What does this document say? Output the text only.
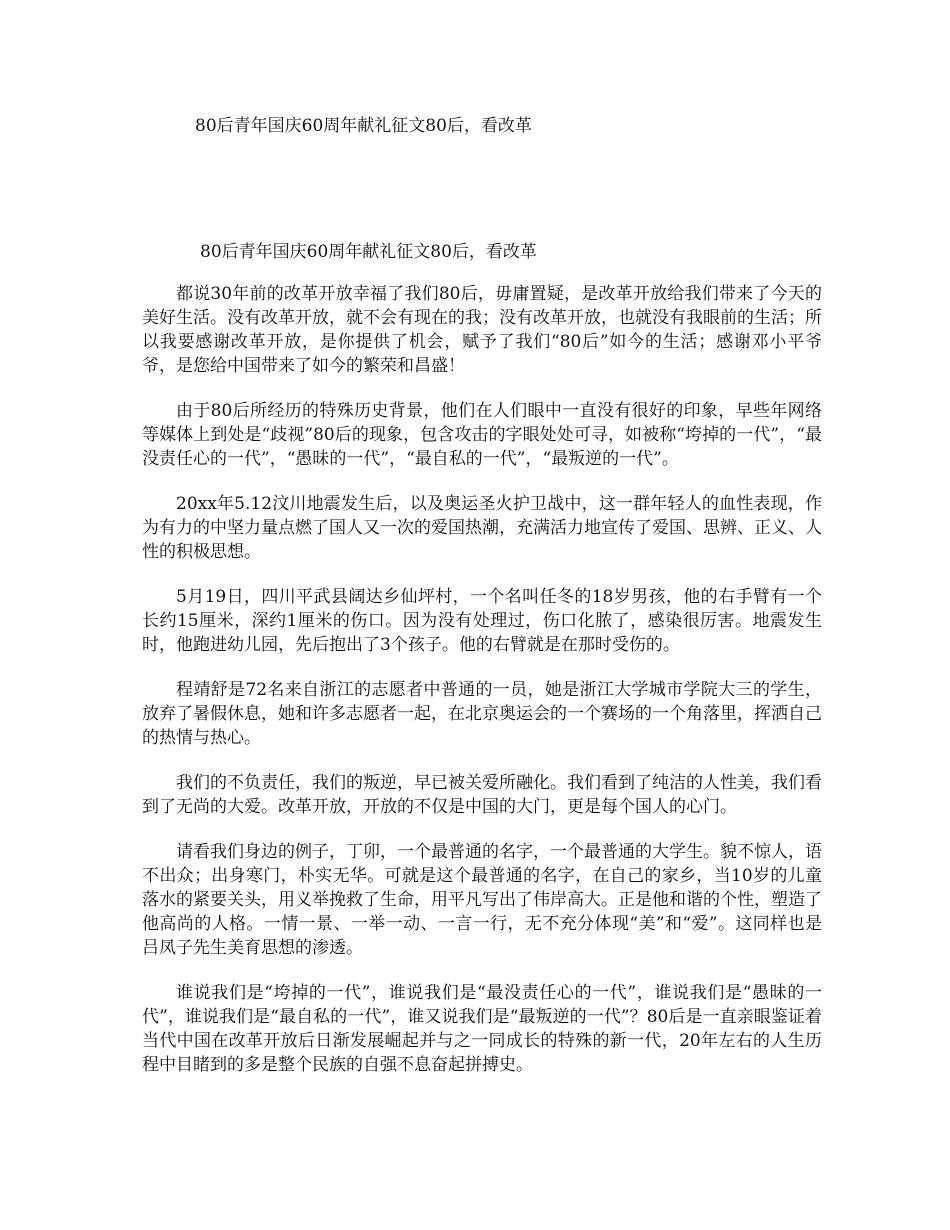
80后青年国庆60周年献礼征文80后，看改革
80后青年国庆60周年献礼征文80后，看改革

都说30年前的改革开放幸福了我们80后，毋庸置疑，是改革开放给我们带来了今天的美好生活。没有改革开放，就不会有现在的我；没有改革开放，也就没有我眼前的生活；所以我要感谢改革开放，是你提供了机会，赋予了我们“80后”如今的生活；感谢邓小平爷爷，是您给中国带来了如今的繁荣和昌盛！

由于80后所经历的特殊历史背景，他们在人们眼中一直没有很好的印象，早些年网络等媒体上到处是“歧视”80后的现象，包含攻击的字眼处处可寻，如被称“垮掉的一代”，“最没责任心的一代”，“愚昧的一代”，“最自私的一代”，“最叛逆的一代”。

20xx年5.12汶川地震发生后，以及奥运圣火护卫战中，这一群年轻人的血性表现，作为有力的中坚力量点燃了国人又一次的爱国热潮，充满活力地宣传了爱国、思辨、正义、人性的积极思想。

5月19日，四川平武县阔达乡仙坪村，一个名叫任冬的18岁男孩，他的右手臂有一个长约15厘米，深约1厘米的伤口。因为没有处理过，伤口化脓了，感染很厉害。地震发生时，他跑进幼儿园，先后抱出了3个孩子。他的右臂就是在那时受伤的。

程靖舒是72名来自浙江的志愿者中普通的一员，她是浙江大学城市学院大三的学生，放弃了暑假休息，她和许多志愿者一起，在北京奥运会的一个赛场的一个角落里，挥洒自己的热情与热心。

我们的不负责任，我们的叛逆，早已被关爱所融化。我们看到了纯洁的人性美，我们看到了无尚的大爱。改革开放，开放的不仅是中国的大门，更是每个国人的心门。

请看我们身边的例子，丁卯，一个最普通的名字，一个最普通的大学生。貌不惊人，语不出众；出身寒门，朴实无华。可就是这个最普通的名字，在自己的家乡，当10岁的儿童落水的紧要关头，用义举挽救了生命，用平凡写出了伟岸高大。正是他和谐的个性，塑造了他高尚的人格。一情一景、一举一动、一言一行，无不充分体现“美”和“爱”。这同样也是吕凤子先生美育思想的渗透。

谁说我们是“垮掉的一代”，谁说我们是“最没责任心的一代”，谁说我们是“愚昧的一代”，谁说我们是“最自私的一代”，谁又说我们是“最叛逆的一代”？80后是一直亲眼鉴证着当代中国在改革开放后日渐发展崛起并与之一同成长的特殊的新一代，20年左右的人生历程中目睹到的多是整个民族的自强不息奋起拼搏史。
